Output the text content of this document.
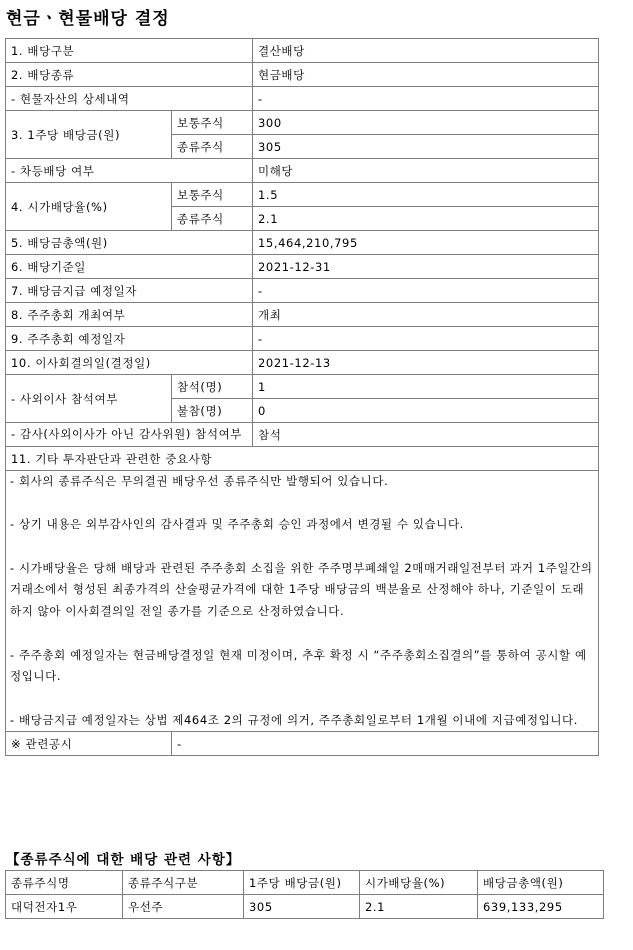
현금ㆍ현물배당 결정
1. 배당구분		결산배당
2. 배당종류		현금배당
- 현물자산의 상세내역		-
3. 1주당 배당금(원)	보통주식	300
	종류주식	305
- 차등배당 여부		미해당
4. 시가배당율(%)	보통주식	1.5
	종류주식	2.1
5. 배당금총액(원)		15,464,210,795
6. 배당기준일		2021-12-31
7. 배당금지급 예정일자		-
8. 주주총회 개최여부		개최
9. 주주총회 예정일자		-
10. 이사회결의일(결정일)		2021-12-13
- 사외이사 참석여부	참석(명)	1
	불참(명)	0
- 감사(사외이사가 아닌 감사위원) 참석여부		참석
11. 기타 투자판단과 관련한 중요사항		

- 회사의 종류주식은 무의결권 배당우선 종류주식만 발행되어 있습니다.

- 상기 내용은 외부감사인의 감사결과 및 주주총회 승인 과정에서 변경될 수 있습니다.

- 시가배당율은 당해 배당과 관련된 주주총회 소집을 위한 주주명부폐쇄일 2매매거래일전부터 과거 1주일간의 거래소에서 형성된 최종가격의 산술평균가격에 대한 1주당 배당금의 백분율로 산정해야 하나, 기준일이 도래하지 않아 이사회결의일 전일 종가를 기준으로 산정하였습니다.

- 주주총회 예정일자는 현금배당결정일 현재 미정이며, 추후 확정 시 “주주총회소집결의”를 통하여 공시할 예정입니다.

- 배당금지급 예정일자는 상법 제464조 2의 규정에 의거, 주주총회일로부터 1개월 이내에 지급예정입니다.		

※ 관련공시	-	
【종류주식에 대한 배당 관련 사항】
종류주식명	종류주식구분	1주당 배당금(원)	시가배당율(%)	배당금총액(원)
대덕전자1우	우선주	305	2.1	639,133,295
